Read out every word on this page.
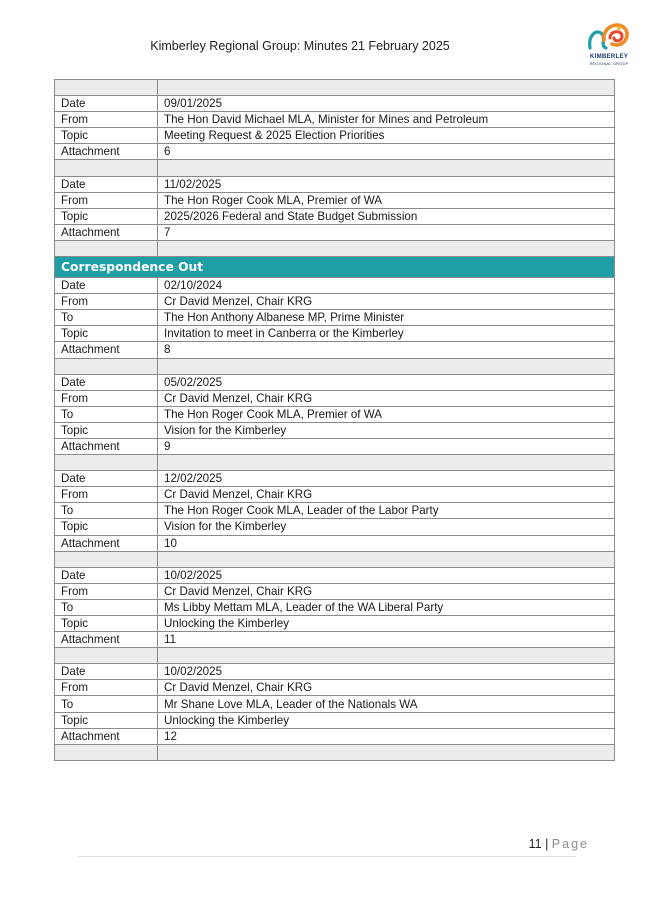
Kimberley Regional Group: Minutes 21 February 2025
KIMBERLEY
REGIONAL GROUP

Date	09/01/2025
From	The Hon David Michael MLA, Minister for Mines and Petroleum
Topic	Meeting Request & 2025 Election Priorities
Attachment	6

Date	11/02/2025
From	The Hon Roger Cook MLA, Premier of WA
Topic	2025/2026 Federal and State Budget Submission
Attachment	7

Correspondence Out	
Date	02/10/2024
From	Cr David Menzel, Chair KRG
To	The Hon Anthony Albanese MP, Prime Minister
Topic	Invitation to meet in Canberra or the Kimberley
Attachment	8

Date	05/02/2025
From	Cr David Menzel, Chair KRG
To	The Hon Roger Cook MLA, Premier of WA
Topic	Vision for the Kimberley
Attachment	9

Date	12/02/2025
From	Cr David Menzel, Chair KRG
To	The Hon Roger Cook MLA, Leader of the Labor Party
Topic	Vision for the Kimberley
Attachment	10

Date	10/02/2025
From	Cr David Menzel, Chair KRG
To	Ms Libby Mettam MLA, Leader of the WA Liberal Party
Topic	Unlocking the Kimberley
Attachment	11

Date	10/02/2025
From	Cr David Menzel, Chair KRG
To	Mr Shane Love MLA, Leader of the Nationals WA
Topic	Unlocking the Kimberley
Attachment	12

11 | Page
